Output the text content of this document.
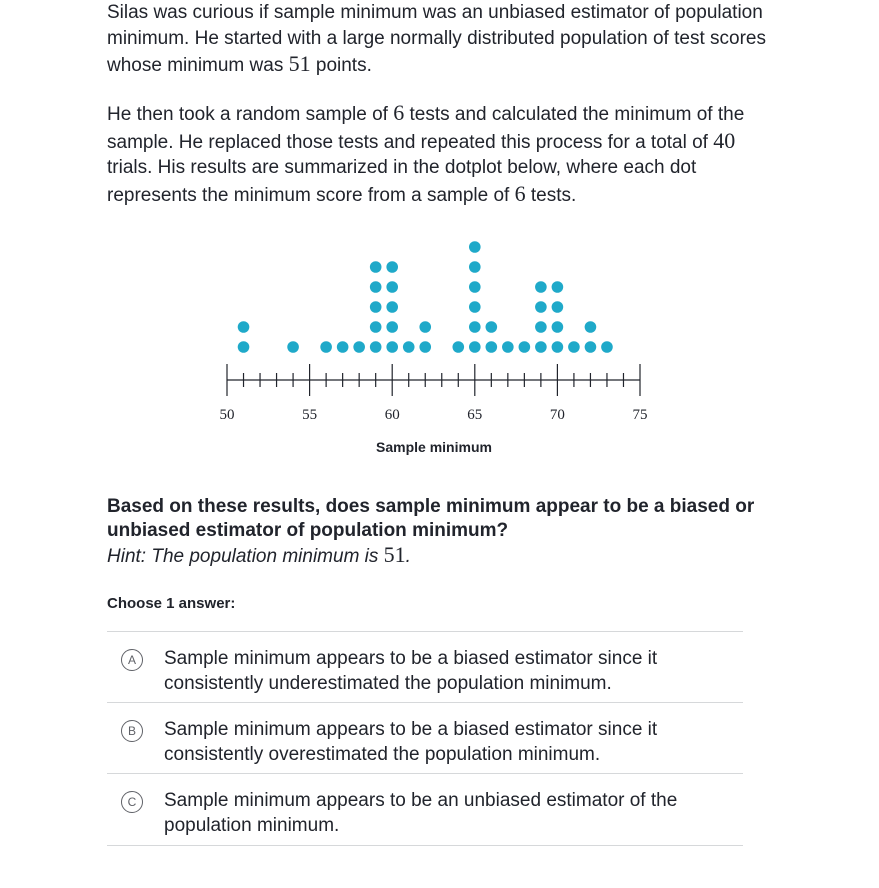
Silas was curious if sample minimum was an unbiased estimator of population minimum. He started with a large normally distributed population of test scores whose minimum was 51 points.

He then took a random sample of 6 tests and calculated the minimum of the sample. He replaced those tests and repeated this process for a total of 40 trials. His results are summarized in the dotplot below, where each dot represents the minimum score from a sample of 6 tests.

50	55	60	65	70	75
Sample minimum
Based on these results, does sample minimum appear to be a biased or unbiased estimator of population minimum?
Hint: The population minimum is 51.
Choose 1 answer:
A	Sample minimum appears to be a biased estimator since it consistently underestimated the population minimum.
B	Sample minimum appears to be a biased estimator since it consistently overestimated the population minimum.
C	Sample minimum appears to be an unbiased estimator of the population minimum.
